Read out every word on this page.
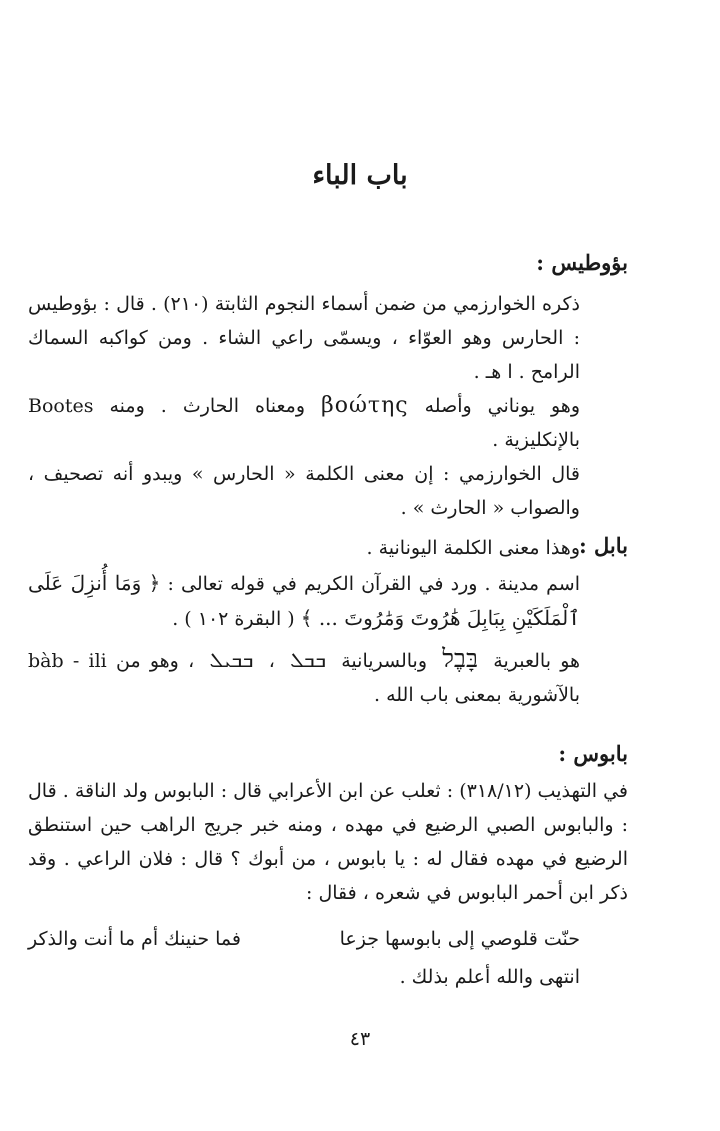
باب الباء
بؤوطيس :

ذكره الخوارزمي من ضمن أسماء النجوم الثابتة (٢١٠) . قال : بؤوطيس : الحارس وهو العوّاء ، ويسمّى راعي الشاء . ومن كواكبه السماك الرامح . ا هـ .

وهو يوناني وأصله βοώτης ومعناه الحارث . ومنه Bootes بالإنكليزية .

قال الخوارزمي : إن معنى الكلمة « الحارس » ويبدو أنه تصحيف ، والصواب « الحارث » .

وهذا معنى الكلمة اليونانية .

بابل :

اسم مدينة . ورد في القرآن الكريم في قوله تعالى : ﴿ وَمَا أُنزِلَ عَلَى ٱلْمَلَكَيْنِ بِبَابِلَ هَٰرُوتَ وَمَٰرُوتَ ... ﴾ ( البقرة ١٠٢ ) .

هو بالعبرية בָּבֶל وبالسريانية ܒܒܠ ، ܒܒܝܠ ، وهو من bàb - ili بالآشورية بمعنى باب الله .

بابوس :

في التهذيب (٣١٨/١٢) : ثعلب عن ابن الأعرابي قال : البابوس ولد الناقة . قال : والبابوس الصبي الرضيع في مهده ، ومنه خبر جريج الراهب حين استنطق الرضيع في مهده فقال له : يا بابوس ، من أبوك ؟ قال : فلان الراعي . وقد ذكر ابن أحمر البابوس في شعره ، فقال :

حنّت قلوصي إلى بابوسها جزعا
فما حنينك أم ما أنت والذكر
انتهى والله أعلم بذلك .
٤٣
